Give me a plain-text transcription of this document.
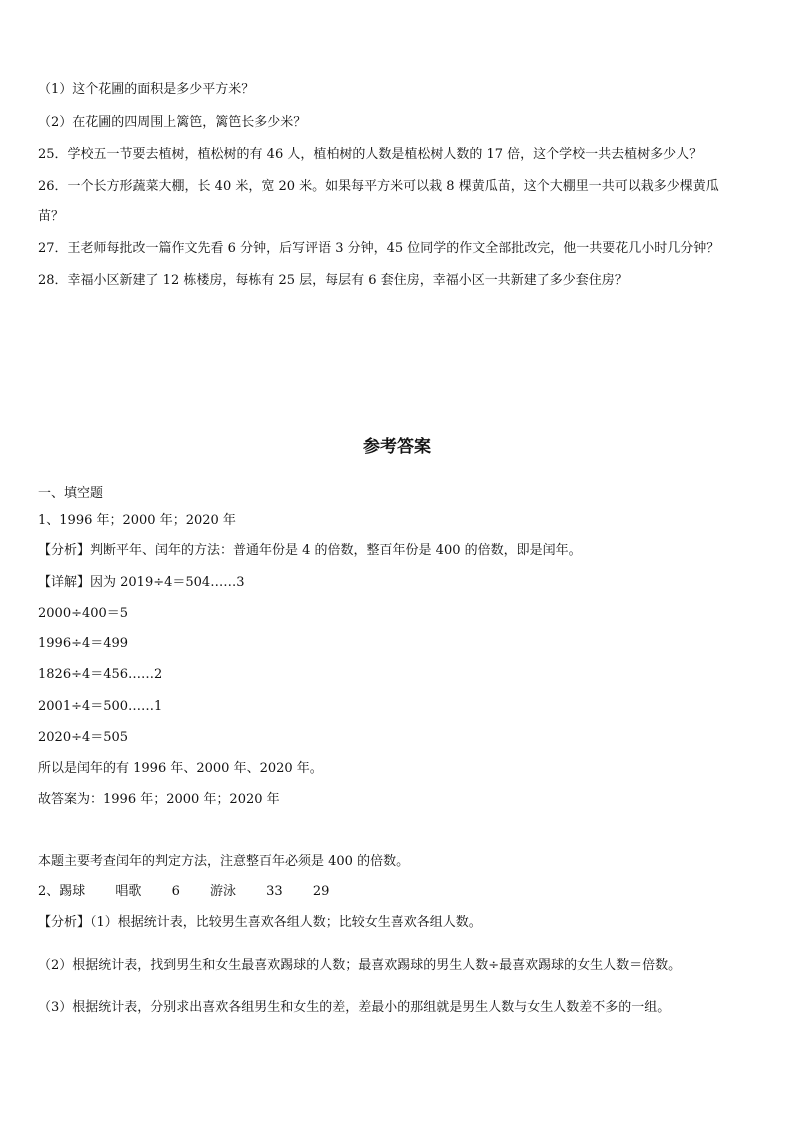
（1）这个花圃的面积是多少平方米？
（2）在花圃的四周围上篱笆，篱笆长多少米？
25．学校五一节要去植树，植松树的有 46 人，植柏树的人数是植松树人数的 17 倍，这个学校一共去植树多少人？
26．一个长方形蔬菜大棚，长 40 米，宽 20 米。如果每平方米可以栽 8 棵黄瓜苗，这个大棚里一共可以栽多少棵黄瓜
苗？
27．王老师每批改一篇作文先看 6 分钟，后写评语 3 分钟，45 位同学的作文全部批改完，他一共要花几小时几分钟？
28．幸福小区新建了 12 栋楼房，每栋有 25 层，每层有 6 套住房，幸福小区一共新建了多少套住房？
参考答案
一、填空题
1、1996 年；2000 年；2020 年
【分析】判断平年、闰年的方法：普通年份是 4 的倍数，整百年份是 400 的倍数，即是闰年。
【详解】因为 2019÷4＝504……3
2000÷400＝5
1996÷4＝499
1826÷4＝456……2
2001÷4＝500……1
2020÷4＝505
所以是闰年的有 1996 年、2000 年、2020 年。
故答案为：1996 年；2000 年；2020 年
本题主要考查闰年的判定方法，注意整百年必须是 400 的倍数。
2、踢球 唱歌 6 游泳 33 29
【分析】（1）根据统计表，比较男生喜欢各组人数；比较女生喜欢各组人数。
（2）根据统计表，找到男生和女生最喜欢踢球的人数；最喜欢踢球的男生人数÷最喜欢踢球的女生人数＝倍数。
（3）根据统计表，分别求出喜欢各组男生和女生的差，差最小的那组就是男生人数与女生人数差不多的一组。
